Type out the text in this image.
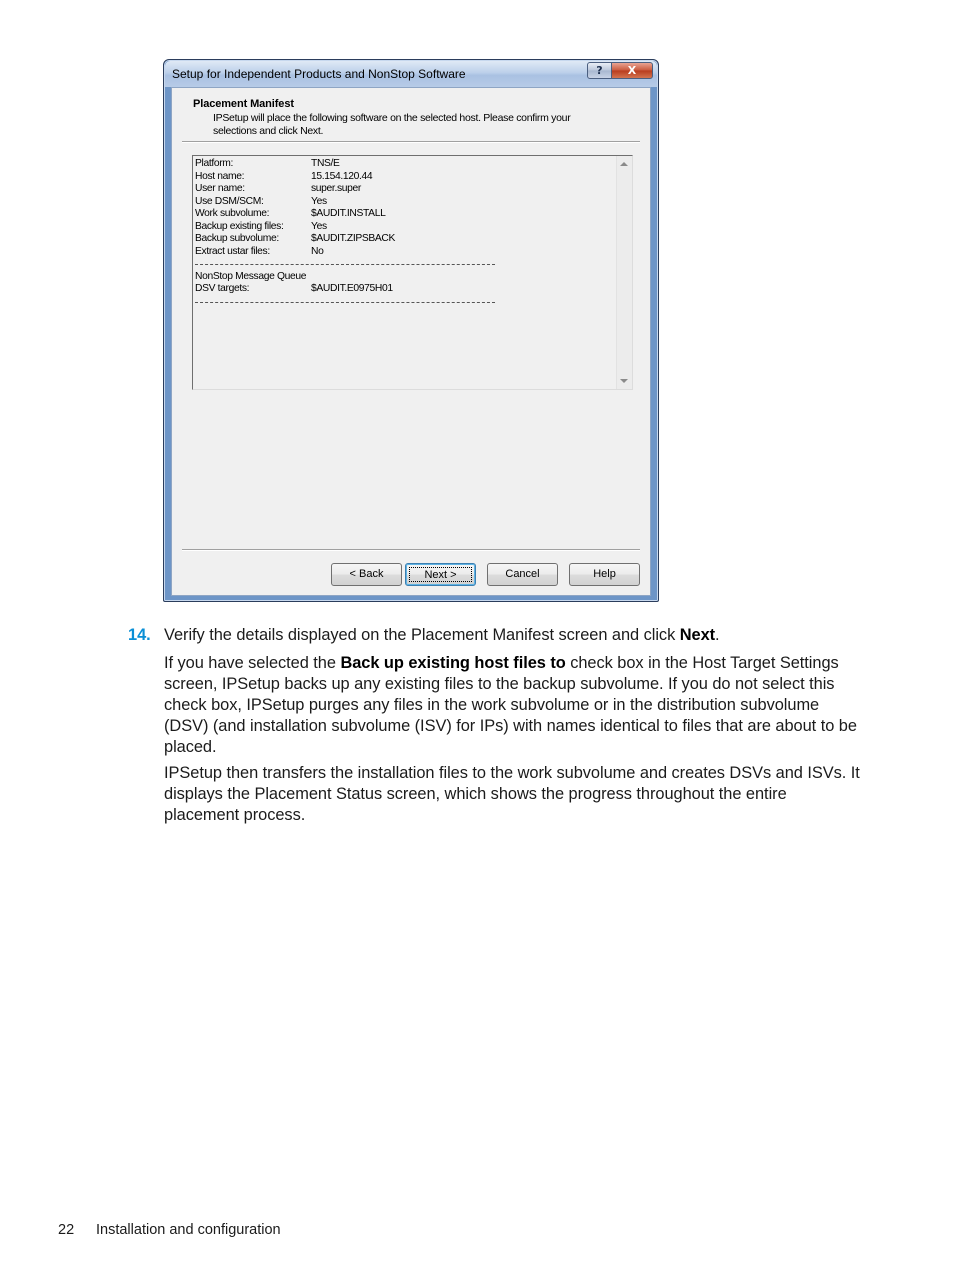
Setup for Independent Products and NonStop Software	?	X
Placement Manifest
IPSetup will place the following software on the selected host. Please confirm your selections and click Next.
Platform:	TNS/E
Host name:	15.154.120.44
User name:	super.super
Use DSM/SCM:	Yes
Work subvolume:	$AUDIT.INSTALL
Backup existing files:	Yes
Backup subvolume:	$AUDIT.ZIPSBACK
Extract ustar files:	No
NonStop Message Queue
DSV targets:	$AUDIT.E0975H01
< Back	Next >	Cancel	Help
14. Verify the details displayed on the Placement Manifest screen and click Next.
If you have selected the Back up existing host files to check box in the Host Target Settings screen, IPSetup backs up any existing files to the backup subvolume. If you do not select this check box, IPSetup purges any files in the work subvolume or in the distribution subvolume (DSV) (and installation subvolume (ISV) for IPs) with names identical to files that are about to be placed.
IPSetup then transfers the installation files to the work subvolume and creates DSVs and ISVs. It displays the Placement Status screen, which shows the progress throughout the entire placement process.
22 Installation and configuration
